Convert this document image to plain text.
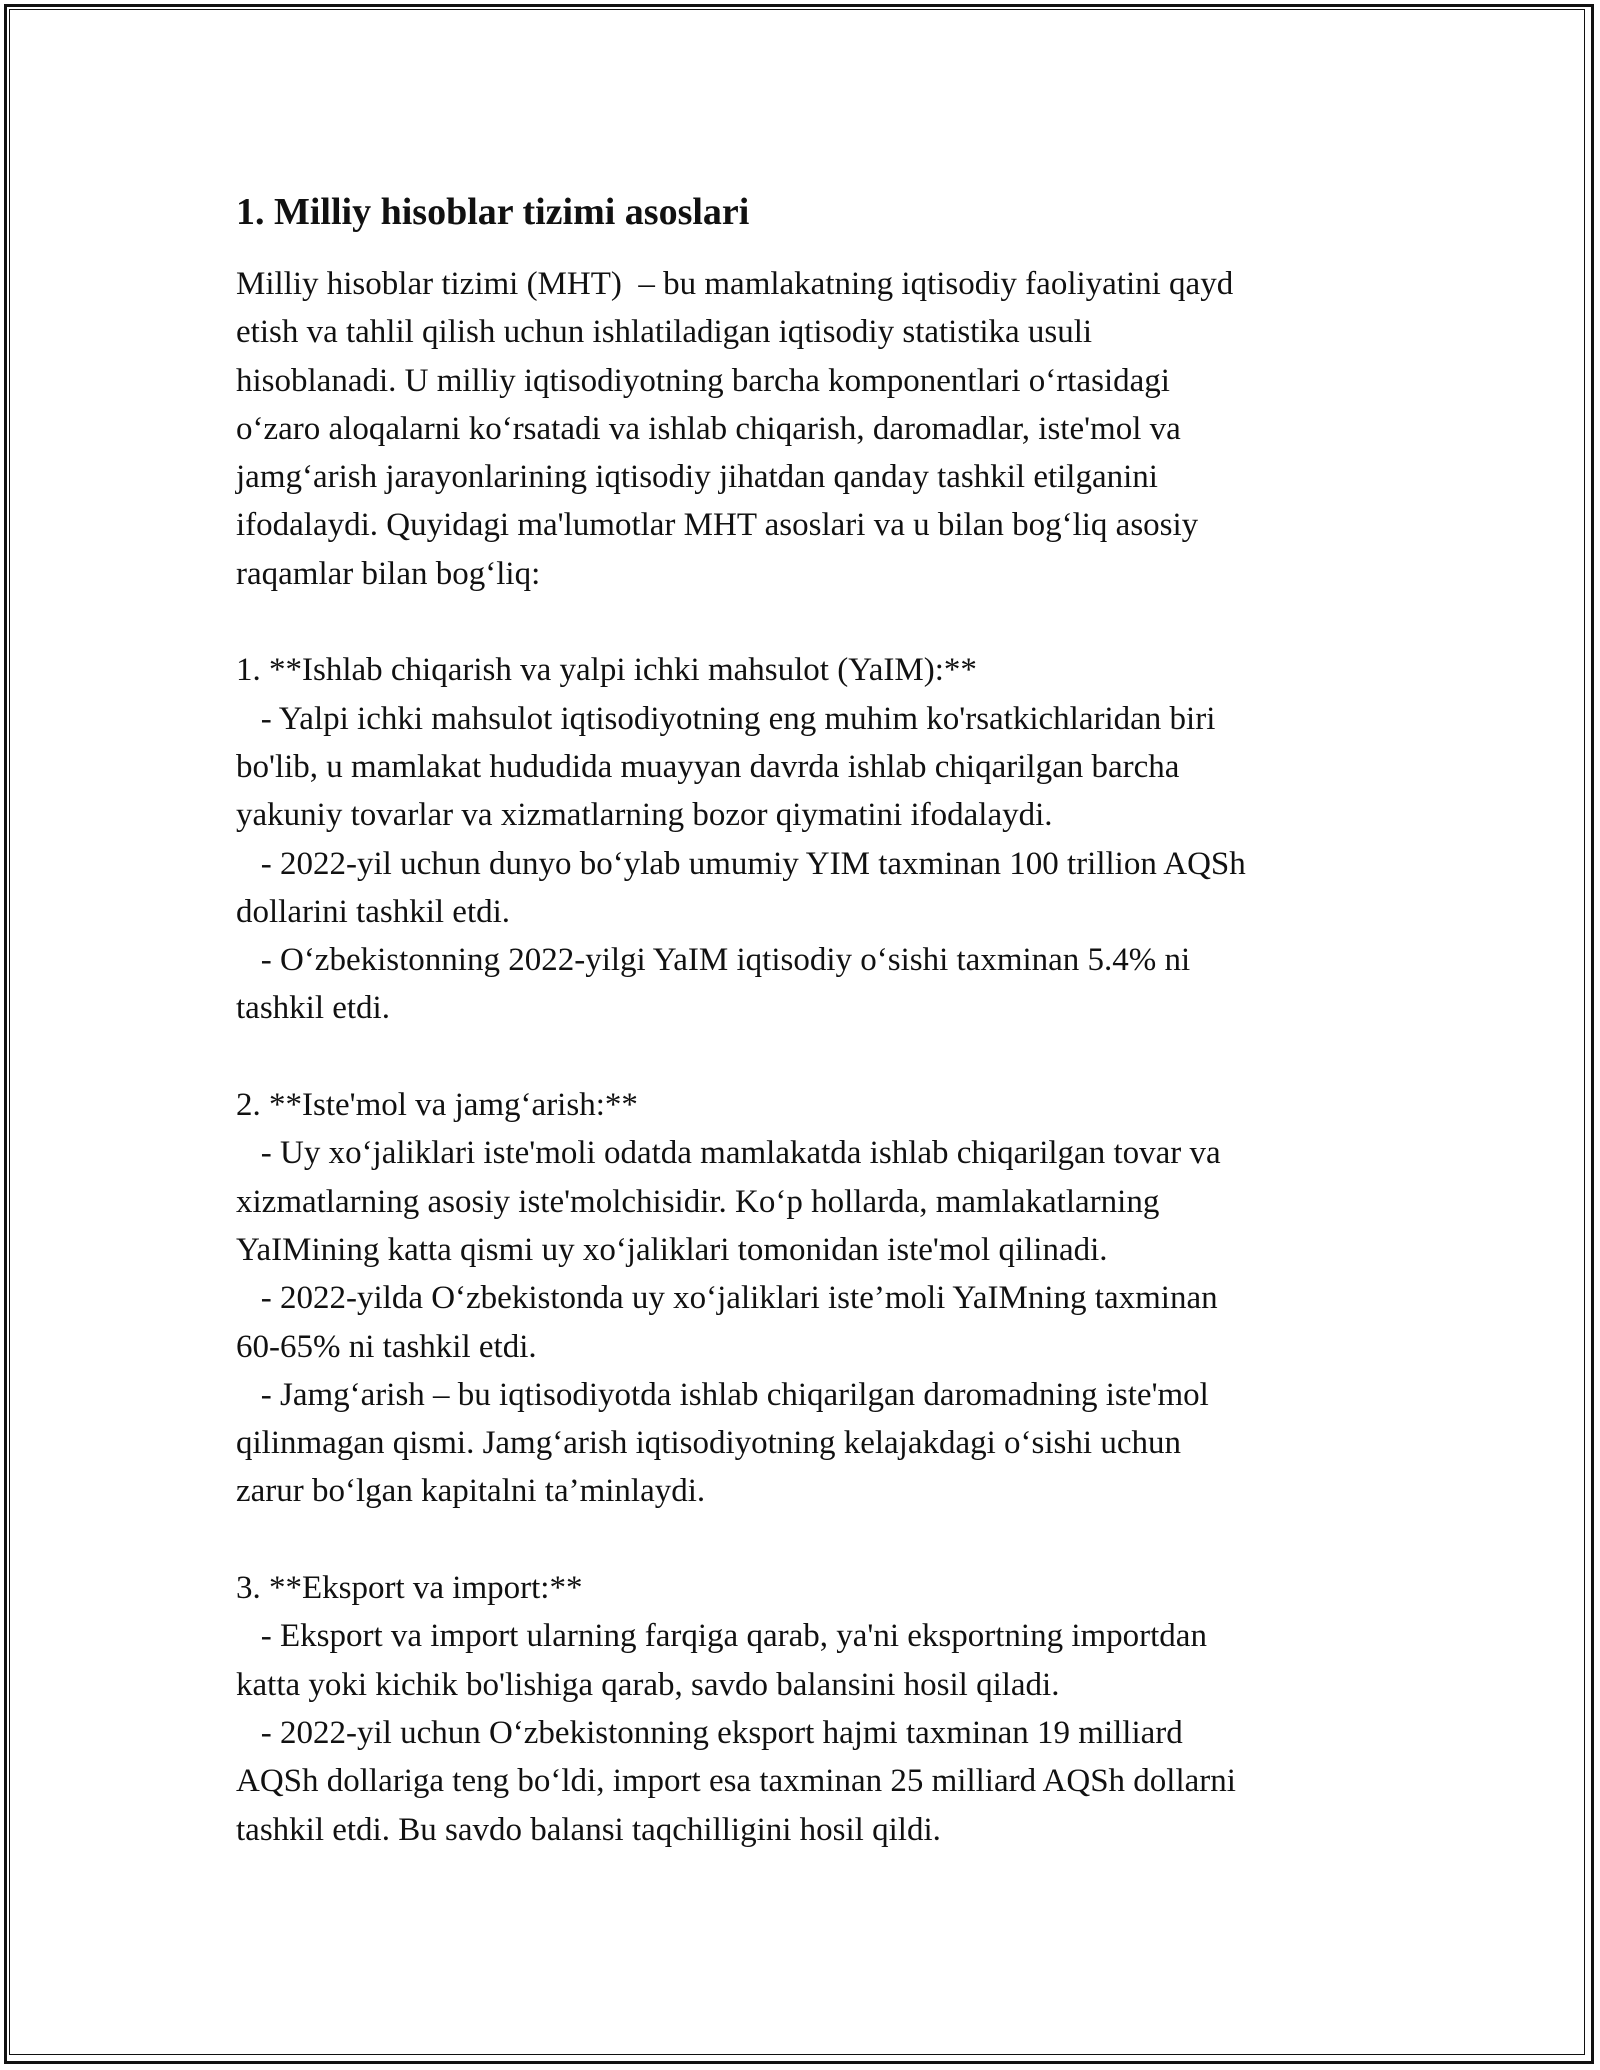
1. Milliy hisoblar tizimi asoslari
Milliy hisoblar tizimi (MHT)  – bu mamlakatning iqtisodiy faoliyatini qayd
etish va tahlil qilish uchun ishlatiladigan iqtisodiy statistika usuli
hisoblanadi. U milliy iqtisodiyotning barcha komponentlari o‘rtasidagi
o‘zaro aloqalarni ko‘rsatadi va ishlab chiqarish, daromadlar, iste'mol va
jamg‘arish jarayonlarining iqtisodiy jihatdan qanday tashkil etilganini
ifodalaydi. Quyidagi ma'lumotlar MHT asoslari va u bilan bog‘liq asosiy
raqamlar bilan bog‘liq:
1. **Ishlab chiqarish va yalpi ichki mahsulot (YaIM):**
- Yalpi ichki mahsulot iqtisodiyotning eng muhim ko'rsatkichlaridan biri
bo'lib, u mamlakat hududida muayyan davrda ishlab chiqarilgan barcha
yakuniy tovarlar va xizmatlarning bozor qiymatini ifodalaydi.
- 2022-yil uchun dunyo bo‘ylab umumiy YIM taxminan 100 trillion AQSh
dollarini tashkil etdi.
- O‘zbekistonning 2022-yilgi YaIM iqtisodiy o‘sishi taxminan 5.4% ni
tashkil etdi.
2. **Iste'mol va jamg‘arish:**
- Uy xo‘jaliklari iste'moli odatda mamlakatda ishlab chiqarilgan tovar va
xizmatlarning asosiy iste'molchisidir. Ko‘p hollarda, mamlakatlarning
YaIMining katta qismi uy xo‘jaliklari tomonidan iste'mol qilinadi.
- 2022-yilda O‘zbekistonda uy xo‘jaliklari iste’moli YaIMning taxminan
60-65% ni tashkil etdi.
- Jamg‘arish – bu iqtisodiyotda ishlab chiqarilgan daromadning iste'mol
qilinmagan qismi. Jamg‘arish iqtisodiyotning kelajakdagi o‘sishi uchun
zarur bo‘lgan kapitalni ta’minlaydi.
3. **Eksport va import:**
- Eksport va import ularning farqiga qarab, ya'ni eksportning importdan
katta yoki kichik bo'lishiga qarab, savdo balansini hosil qiladi.
- 2022-yil uchun O‘zbekistonning eksport hajmi taxminan 19 milliard
AQSh dollariga teng bo‘ldi, import esa taxminan 25 milliard AQSh dollarni
tashkil etdi. Bu savdo balansi taqchilligini hosil qildi.
